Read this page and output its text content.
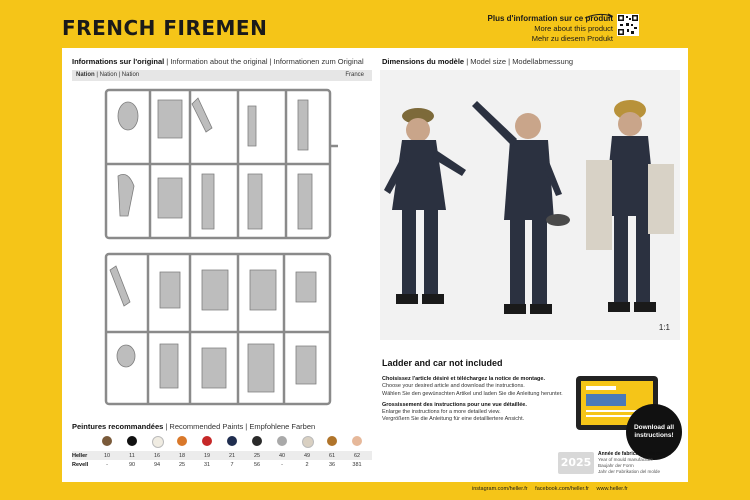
FRENCH FIREMEN	Plus d'information sur ce produit
More about this product
Mehr zu diesem Produkt
Informations sur l'original | Information about the original | Informationen zum Original
Nation | Nation | Nation	France
Dimensions du modèle | Model size | Modellabmessung
1:1
Ladder and car not included

Choisissez l'article désiré et téléchargez la notice de montage.
Choose your desired article and download the instructions.
Wählen Sie den gewünschten Artikel und laden Sie die Anleitung herunter.

Grossissement des instructions pour une vue détaillée.
Enlarge the instructions for a more detailed view.
Vergrößern Sie die Anleitung für eine detailliertere Ansicht.

Download all instructions!
2025
Année de fabrication du moule
Year of mould manufacture
Baujahr der Form
Jahr der Fabrikation del molde
Peintures recommandées | Recommended Paints | Empfohlene Farben
Heller
Revell
10
-
11
90
16
94
18
25
19
31
21
7
25
56
40
-
49
2
61
36
62
381
instagram.com/heller.fr facebook.com/heller.fr www.heller.fr
